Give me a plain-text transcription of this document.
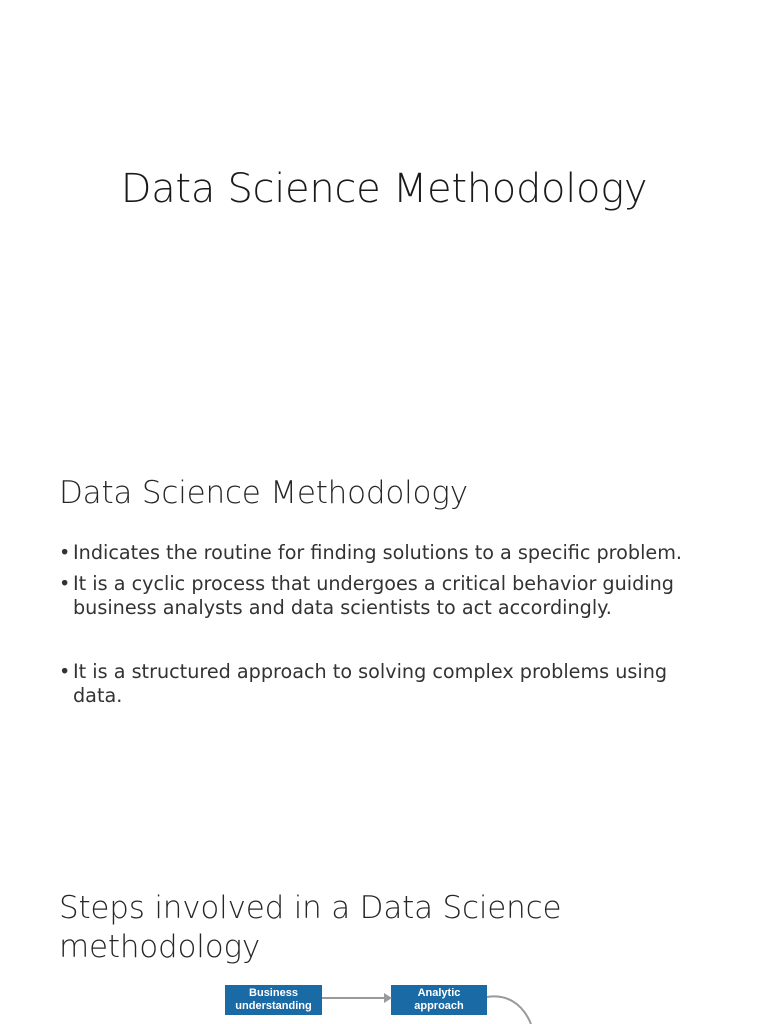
Data Science Methodology
Data Science Methodology
• Indicates the routine for finding solutions to a specific problem.
• It is a cyclic process that undergoes a critical behavior guiding business analysts and data scientists to act accordingly.
• It is a structured approach to solving complex problems using data.
Steps involved in a Data Science methodology
Business
understanding
Analytic
approach
